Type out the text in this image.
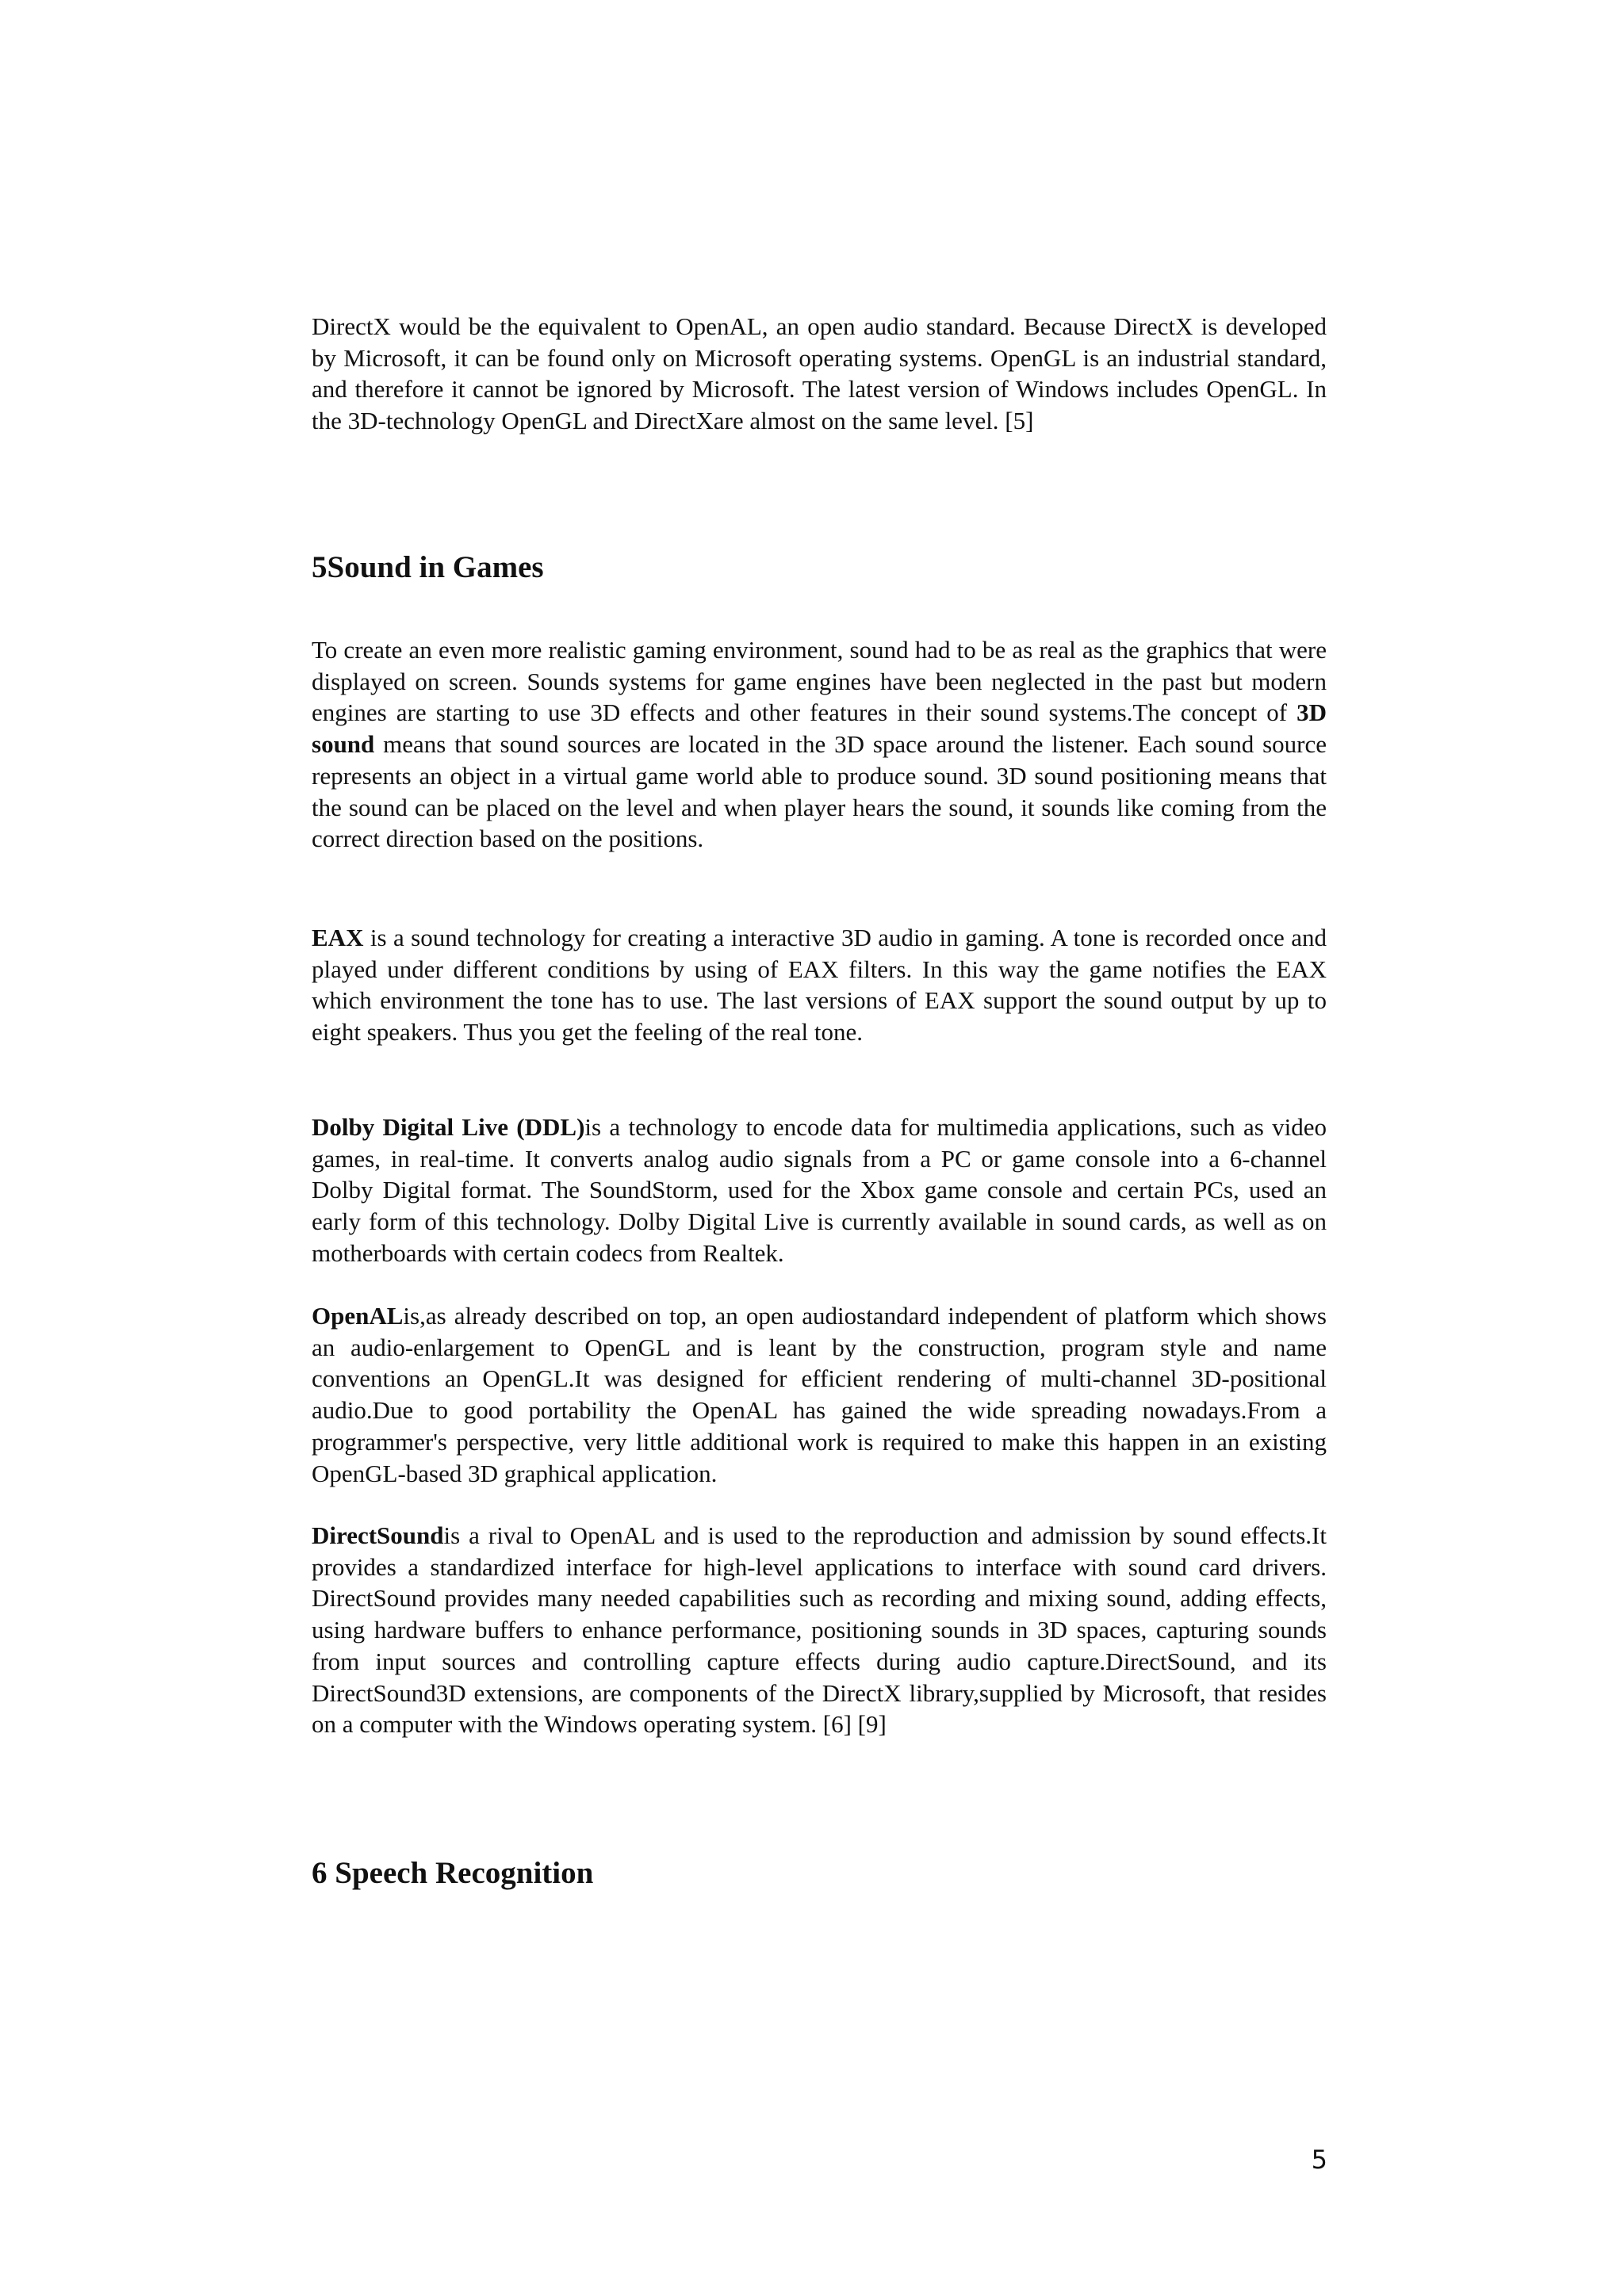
DirectX would be the equivalent to OpenAL, an open audio standard. Because DirectX is developed by Microsoft, it can be found only on Microsoft operating systems. OpenGL is an industrial standard, and therefore it cannot be ignored by Microsoft. The latest version of Windows includes OpenGL. In the 3D-technology OpenGL and DirectXare almost on the same level. [5]

5Sound in Games

To create an even more realistic gaming environment, sound had to be as real as the graphics that were displayed on screen. Sounds systems for game engines have been neglected in the past but modern engines are starting to use 3D effects and other features in their sound systems.The concept of 3D sound means that sound sources are located in the 3D space around the listener. Each sound source represents an object in a virtual game world able to produce sound. 3D sound positioning means that the sound can be placed on the level and when player hears the sound, it sounds like coming from the correct direction based on the positions.

EAX is a sound technology for creating a interactive 3D audio in gaming. A tone is recorded once and played under different conditions by using of EAX filters. In this way the game notifies the EAX which environment the tone has to use. The last versions of EAX support the sound output by up to eight speakers. Thus you get the feeling of the real tone.

Dolby Digital Live (DDL)is a technology to encode data for multimedia applications, such as video games, in real-time. It converts analog audio signals from a PC or game console into a 6-channel Dolby Digital format. The SoundStorm, used for the Xbox game console and certain PCs, used an early form of this technology. Dolby Digital Live is currently available in sound cards, as well as on motherboards with certain codecs from Realtek.

OpenALis,as already described on top, an open audiostandard independent of platform which shows an audio-enlargement to OpenGL and is leant by the construction, program style and name conventions an OpenGL.It was designed for efficient rendering of multi-channel 3D-positional audio.Due to good portability the OpenAL has gained the wide spreading nowadays.From a programmer's perspective, very little additional work is required to make this happen in an existing OpenGL-based 3D graphical application.

DirectSoundis a rival to OpenAL and is used to the reproduction and admission by sound effects.It provides a standardized interface for high-level applications to interface with sound card drivers. DirectSound provides many needed capabilities such as recording and mixing sound, adding effects, using hardware buffers to enhance performance, positioning sounds in 3D spaces, capturing sounds from input sources and controlling capture effects during audio capture.DirectSound, and its DirectSound3D extensions, are components of the DirectX library,supplied by Microsoft, that resides on a computer with the Windows operating system. [6] [9]

6 Speech Recognition
5
